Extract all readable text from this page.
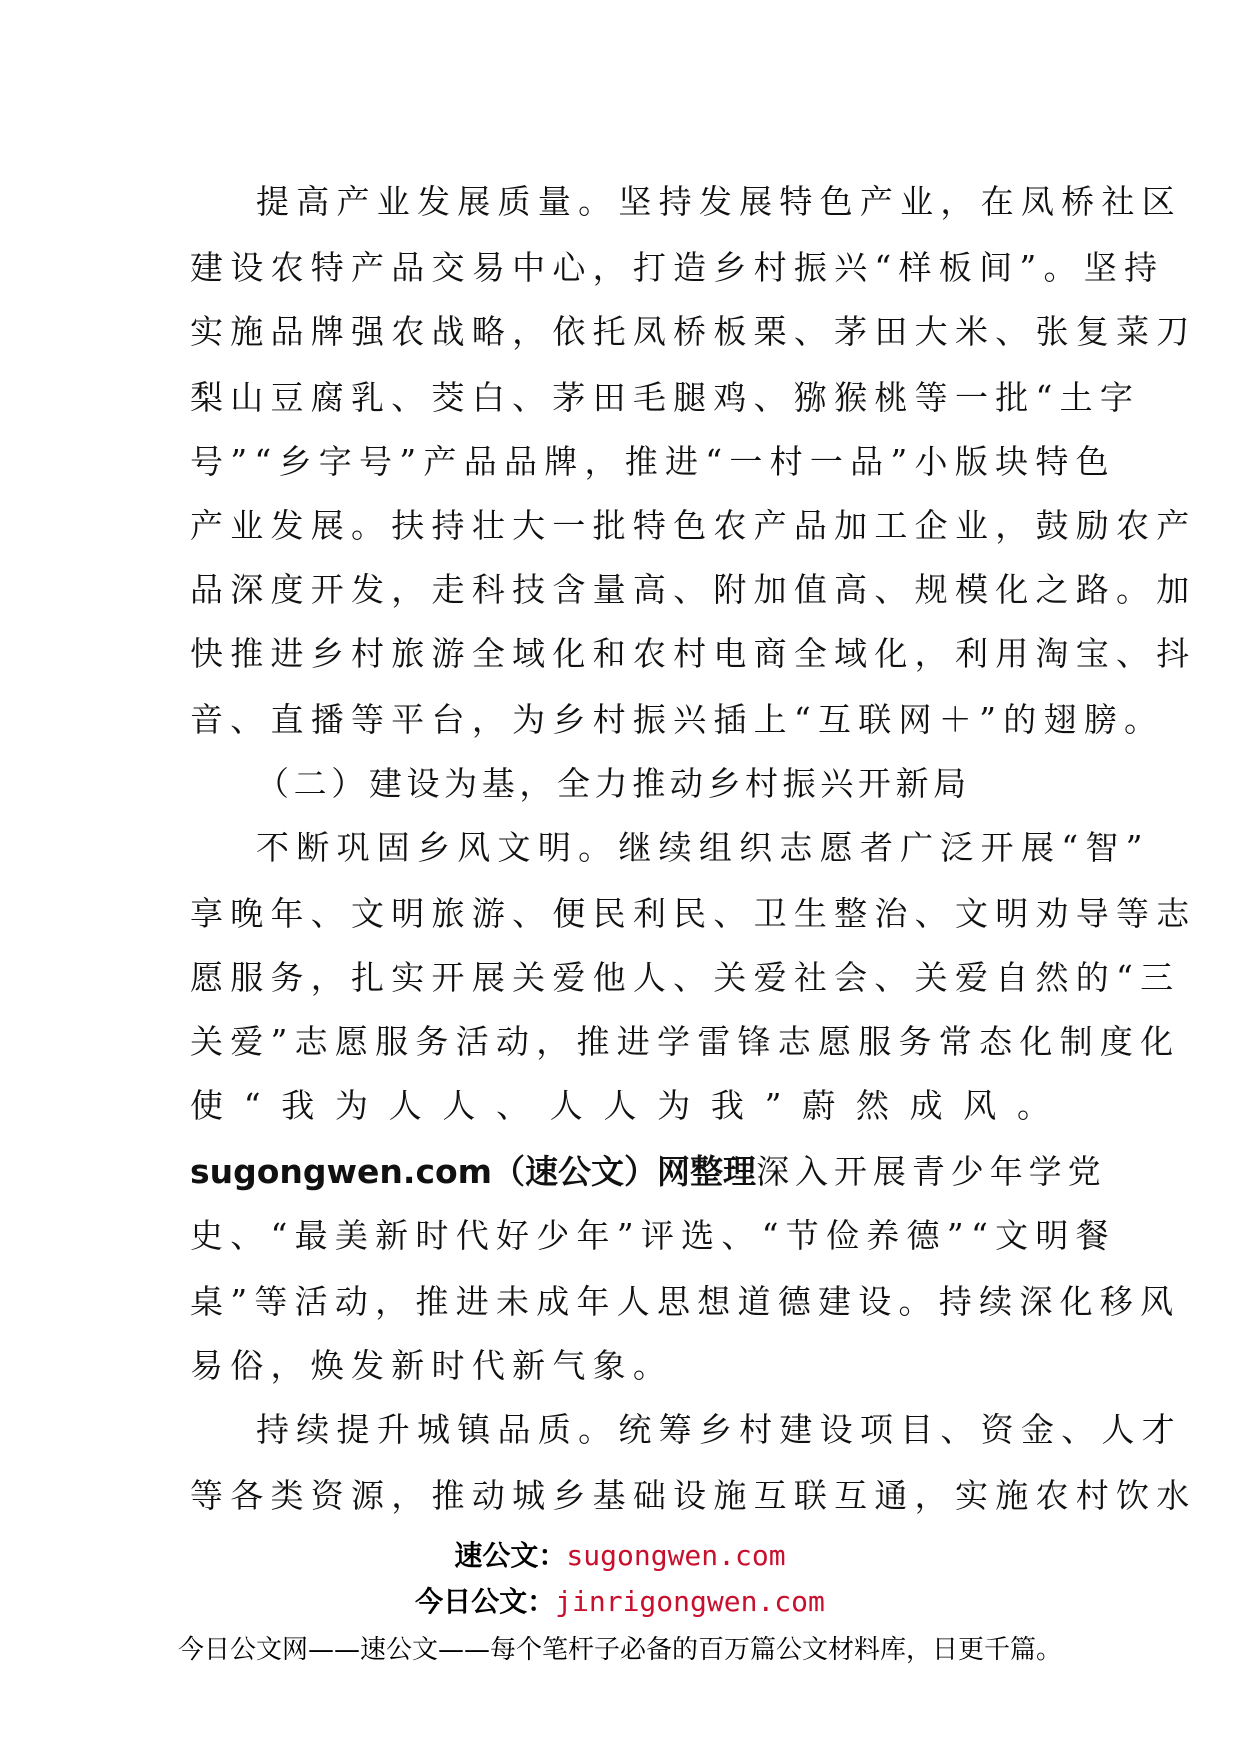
提高产业发展质量。坚持发展特色产业，在凤桥社区
建设农特产品交易中心，打造乡村振兴“样板间”。坚持
实施品牌强农战略，依托凤桥板栗、茅田大米、张复菜刀
梨山豆腐乳、茭白、茅田毛腿鸡、猕猴桃等一批“土字
号”“乡字号”产品品牌，推进“一村一品”小版块特色
产业发展。扶持壮大一批特色农产品加工企业，鼓励农产
品深度开发，走科技含量高、附加值高、规模化之路。加
快推进乡村旅游全域化和农村电商全域化，利用淘宝、抖
音、直播等平台，为乡村振兴插上“互联网＋”的翅膀。
（二）建设为基，全力推动乡村振兴开新局
不断巩固乡风文明。继续组织志愿者广泛开展“智”
享晚年、文明旅游、便民利民、卫生整治、文明劝导等志
愿服务，扎实开展关爱他人、关爱社会、关爱自然的“三
关爱”志愿服务活动，推进学雷锋志愿服务常态化制度化
使 “ 我 为 人 人 、 人 人 为 我 ” 蔚 然 成 风 。
sugongwen.com（速公文）网整理深入开展青少年学党
史、“最美新时代好少年”评选、“节俭养德”“文明餐
桌”等活动，推进未成年人思想道德建设。持续深化移风
易俗，焕发新时代新气象。
持续提升城镇品质。统筹乡村建设项目、资金、人才
等各类资源，推动城乡基础设施互联互通，实施农村饮水
速公文：sugongwen.com
今日公文：jinrigongwen.com
今日公文网——速公文——每个笔杆子必备的百万篇公文材料库，日更千篇。
